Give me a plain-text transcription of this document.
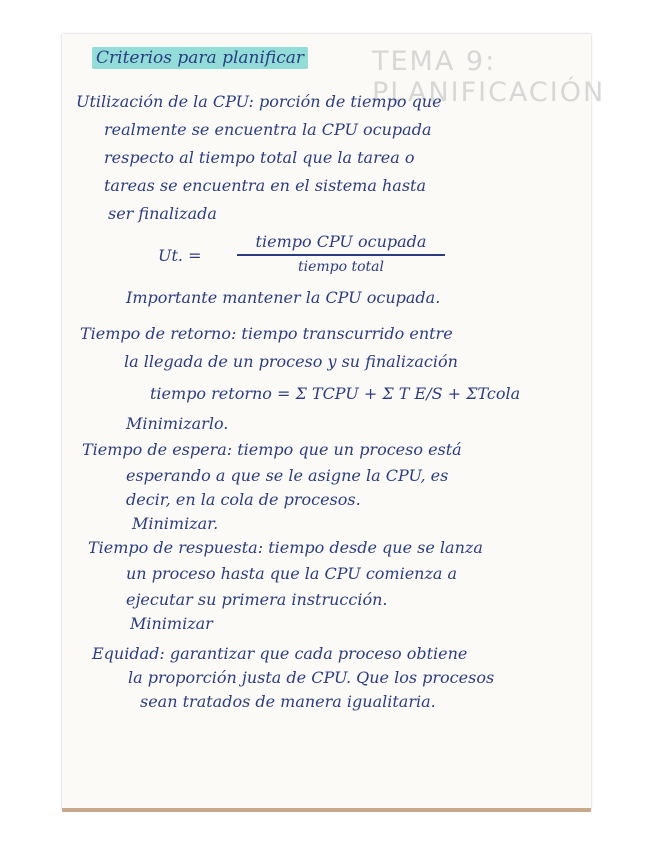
TEMA 9: PLANIFICACIÓN
Criterios para planificar
Utilización de la CPU: porción de tiempo que
realmente se encuentra la CPU ocupada
respecto al tiempo total que la tarea o
tareas se encuentra en el sistema hasta
ser finalizada
Ut. =
tiempo CPU ocupada
tiempo total
Importante mantener la CPU ocupada.
Tiempo de retorno: tiempo transcurrido entre
la llegada de un proceso y su finalización
tiempo retorno = Σ TCPU + Σ T E/S + ΣTcola
Minimizarlo.
Tiempo de espera: tiempo que un proceso está
esperando a que se le asigne la CPU, es
decir, en la cola de procesos.
Minimizar.
Tiempo de respuesta: tiempo desde que se lanza
un proceso hasta que la CPU comienza a
ejecutar su primera instrucción.
Minimizar
Equidad: garantizar que cada proceso obtiene
la proporción justa de CPU. Que los procesos
sean tratados de manera igualitaria.
